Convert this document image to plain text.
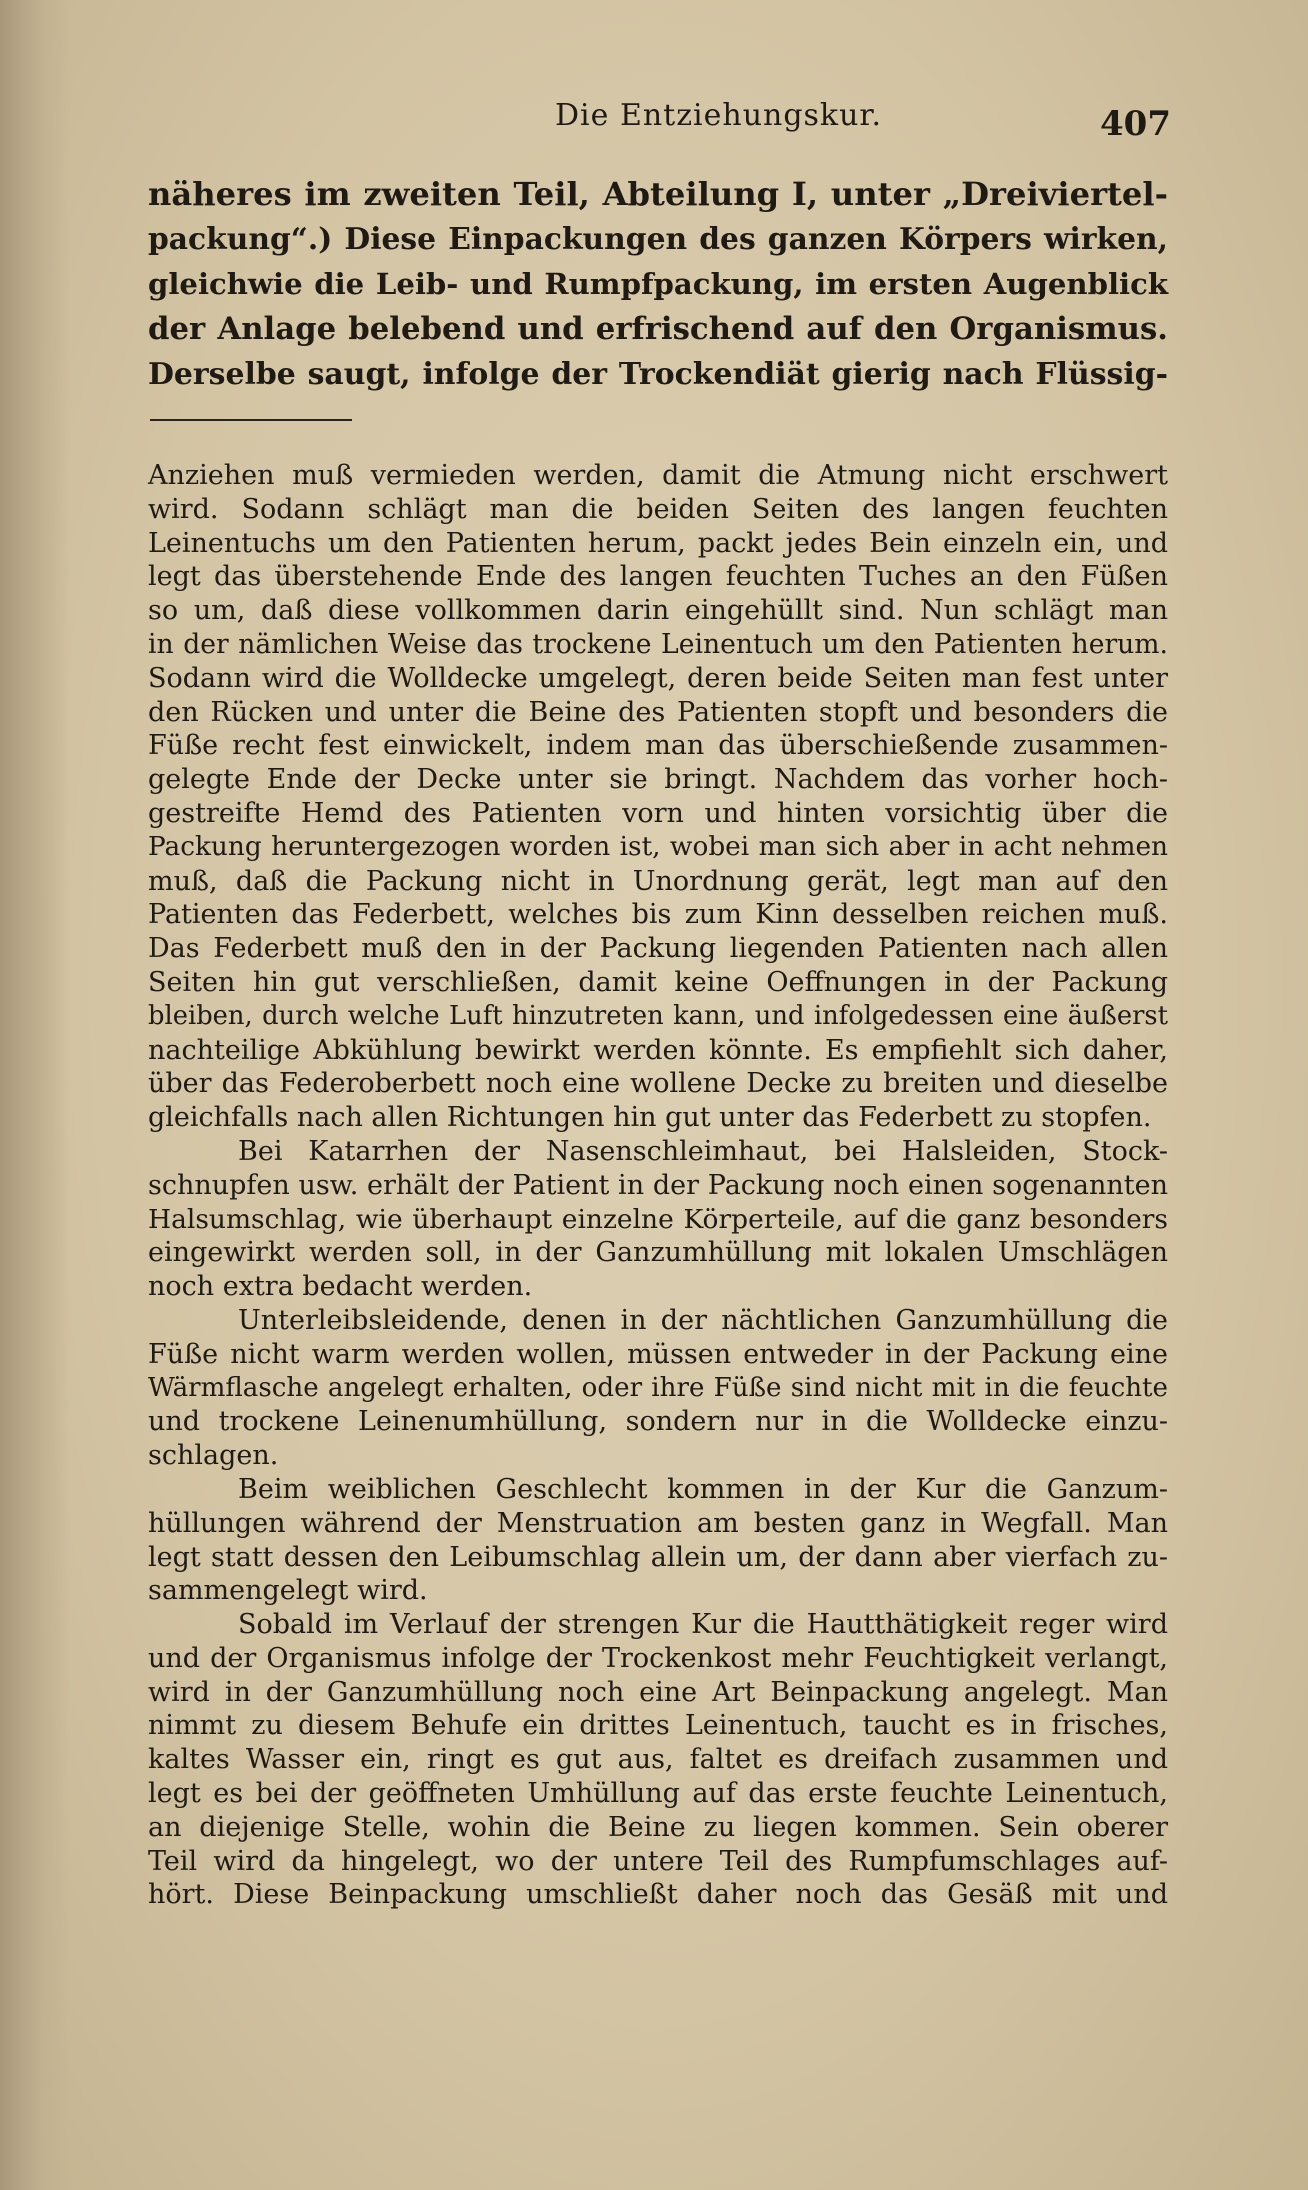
Die Entziehungskur.	407
näheres im zweiten Teil, Abteilung I, unter „Dreiviertel-
packung“.) Diese Einpackungen des ganzen Körpers wirken,
gleichwie die Leib- und Rumpfpackung, im ersten Augenblick
der Anlage belebend und erfrischend auf den Organismus.
Derselbe saugt, infolge der Trockendiät gierig nach Flüssig-
Anziehen muß vermieden werden, damit die Atmung nicht erschwert
wird. Sodann schlägt man die beiden Seiten des langen feuchten
Leinentuchs um den Patienten herum, packt jedes Bein einzeln ein, und
legt das überstehende Ende des langen feuchten Tuches an den Füßen
so um, daß diese vollkommen darin eingehüllt sind. Nun schlägt man
in der nämlichen Weise das trockene Leinentuch um den Patienten herum.
Sodann wird die Wolldecke umgelegt, deren beide Seiten man fest unter
den Rücken und unter die Beine des Patienten stopft und besonders die
Füße recht fest einwickelt, indem man das überschießende zusammen-
gelegte Ende der Decke unter sie bringt. Nachdem das vorher hoch-
gestreifte Hemd des Patienten vorn und hinten vorsichtig über die
Packung heruntergezogen worden ist, wobei man sich aber in acht nehmen
muß, daß die Packung nicht in Unordnung gerät, legt man auf den
Patienten das Federbett, welches bis zum Kinn desselben reichen muß.
Das Federbett muß den in der Packung liegenden Patienten nach allen
Seiten hin gut verschließen, damit keine Oeffnungen in der Packung
bleiben, durch welche Luft hinzutreten kann, und infolgedessen eine äußerst
nachteilige Abkühlung bewirkt werden könnte. Es empfiehlt sich daher,
über das Federoberbett noch eine wollene Decke zu breiten und dieselbe
gleichfalls nach allen Richtungen hin gut unter das Federbett zu stopfen.
Bei Katarrhen der Nasenschleimhaut, bei Halsleiden, Stock-
schnupfen usw. erhält der Patient in der Packung noch einen sogenannten
Halsumschlag, wie überhaupt einzelne Körperteile, auf die ganz besonders
eingewirkt werden soll, in der Ganzumhüllung mit lokalen Umschlägen
noch extra bedacht werden.
Unterleibsleidende, denen in der nächtlichen Ganzumhüllung die
Füße nicht warm werden wollen, müssen entweder in der Packung eine
Wärmflasche angelegt erhalten, oder ihre Füße sind nicht mit in die feuchte
und trockene Leinenumhüllung, sondern nur in die Wolldecke einzu-
schlagen.
Beim weiblichen Geschlecht kommen in der Kur die Ganzum-
hüllungen während der Menstruation am besten ganz in Wegfall. Man
legt statt dessen den Leibumschlag allein um, der dann aber vierfach zu-
sammengelegt wird.
Sobald im Verlauf der strengen Kur die Hautthätigkeit reger wird
und der Organismus infolge der Trockenkost mehr Feuchtigkeit verlangt,
wird in der Ganzumhüllung noch eine Art Beinpackung angelegt. Man
nimmt zu diesem Behufe ein drittes Leinentuch, taucht es in frisches,
kaltes Wasser ein, ringt es gut aus, faltet es dreifach zusammen und
legt es bei der geöffneten Umhüllung auf das erste feuchte Leinentuch,
an diejenige Stelle, wohin die Beine zu liegen kommen. Sein oberer
Teil wird da hingelegt, wo der untere Teil des Rumpfumschlages auf-
hört. Diese Beinpackung umschließt daher noch das Gesäß mit und
